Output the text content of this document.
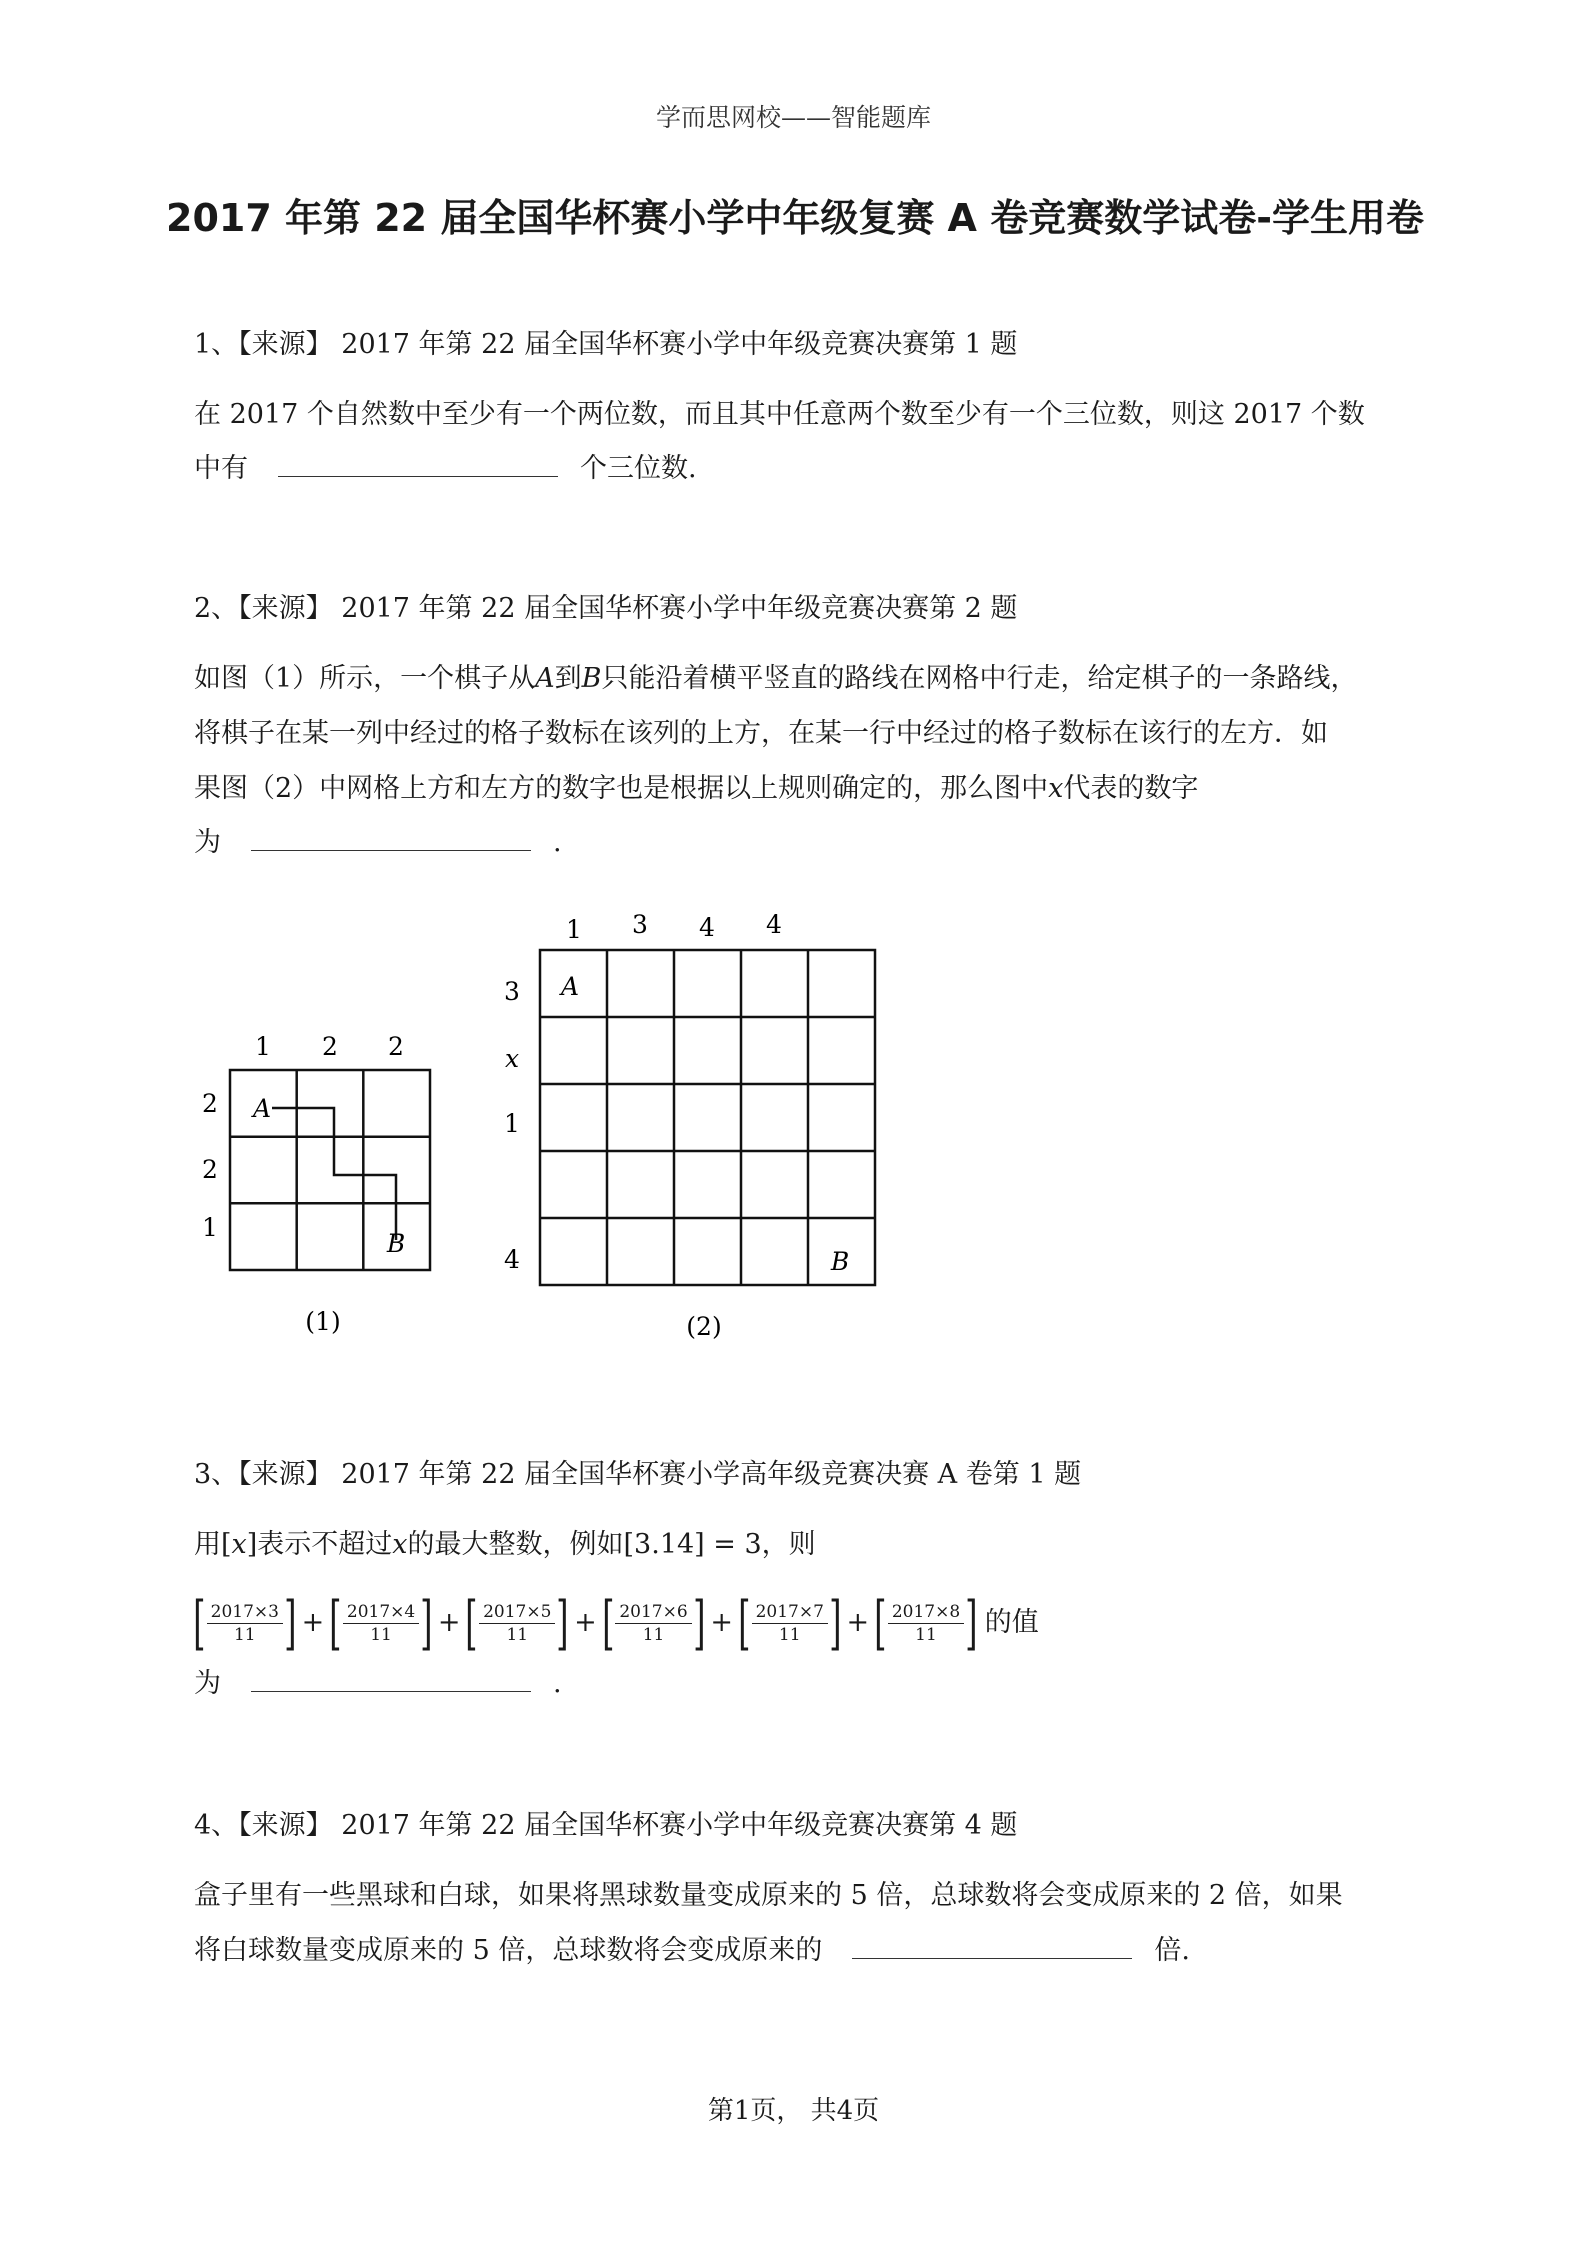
学而思网校——智能题库
2017 年第 22 届全国华杯赛小学中年级复赛 A 卷竞赛数学试卷-学生用卷
1、【来源】 2017 年第 22 届全国华杯赛小学中年级竞赛决赛第 1 题
在 2017 个自然数中至少有一个两位数，而且其中任意两个数至少有一个三位数，则这 2017 个数
中有	个三位数.
2、【来源】 2017 年第 22 届全国华杯赛小学中年级竞赛决赛第 2 题
如图（1）所示，一个棋子从𝐴到𝐵只能沿着横平竖直的路线在网格中行走，给定棋子的一条路线，
将棋子在某一列中经过的格子数标在该列的上方，在某一行中经过的格子数标在该行的左方．如
果图（2）中网格上方和左方的数字也是根据以上规则确定的，那么图中𝑥代表的数字
为	.
1 2 2
2
2
1
A
B
(1)
1 3 4 4
3
x
1
4
A
B
(2)
3、【来源】 2017 年第 22 届全国华杯赛小学高年级竞赛决赛 A 卷第 1 题
用[𝑥]表示不超过𝑥的最大整数，例如[3.14] = 3，则
[ $\frac{2017\times 3}{11}$ ] + [ $\frac{2017\times 4}{11}$ ] + [ $\frac{2017\times 5}{11}$ ] + [ $\frac{2017\times 6}{11}$ ] + [ $\frac{2017\times 7}{11}$ ] + [ $\frac{2017\times 8}{11}$ ] 的值
为	.
4、【来源】 2017 年第 22 届全国华杯赛小学中年级竞赛决赛第 4 题
盒子里有一些黑球和白球，如果将黑球数量变成原来的 5 倍，总球数将会变成原来的 2 倍，如果
将白球数量变成原来的 5 倍，总球数将会变成原来的	倍.
第1页， 共4页
